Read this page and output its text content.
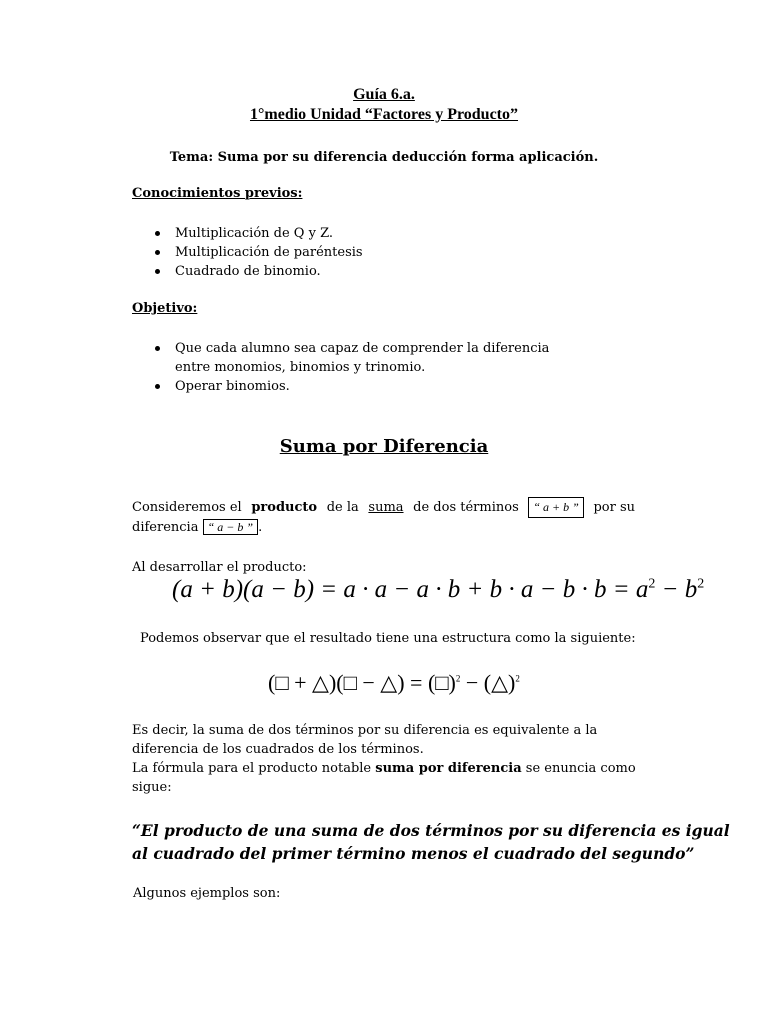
Guía 6.a.
1°medio Unidad “Factores y Producto”
Tema: Suma por su diferencia deducción forma aplicación.
Conocimientos previos:
Multiplicación de Q y Z.
Multiplicación de paréntesis
Cuadrado de binomio.
Objetivo:
Que cada alumno sea capaz de comprender la diferencia entre monomios, binomios y trinomio.
Operar binomios.
Suma por Diferencia
Consideremos el producto de la suma de dos términos	“ a + b ”	por su
diferencia “ a − b ” .
Al desarrollar el producto:
$(a + b)(a - b) = a \cdot a - a \cdot b + b \cdot a - b \cdot b = a^2 - b^2$
Podemos observar que el resultado tiene una estructura como la siguiente:
(□ + △)(□ − △) = (□)$^2$ − (△)$^2$
Es decir, la suma de dos términos por su diferencia es equivalente a la
diferencia de los cuadrados de los términos.
La fórmula para el producto notable suma por diferencia se enuncia como
sigue:
“El producto de una suma de dos términos por su diferencia es igual
al cuadrado del primer término menos el cuadrado del segundo”
Algunos ejemplos son:
